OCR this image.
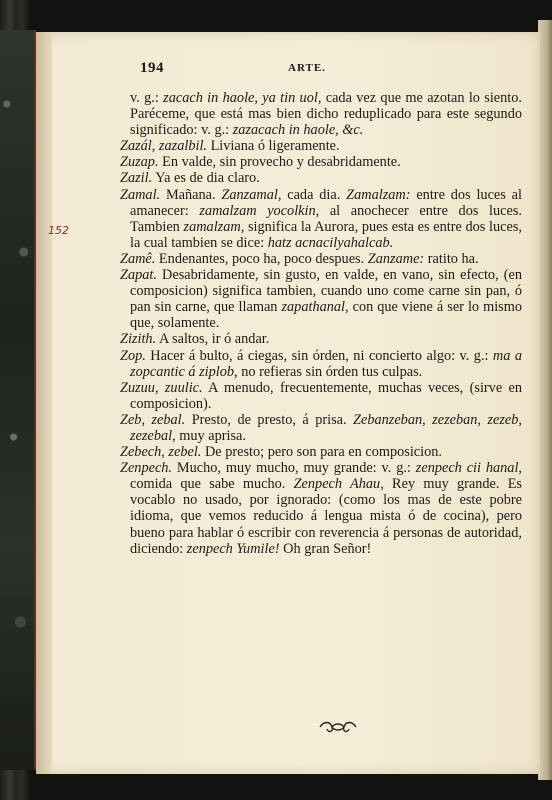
194	ARTE.

v. g.: zacach in haole, ya tin uol, cada vez que me azotan lo siento. Paréceme, que está mas bien dicho reduplicado para este segundo significado: v. g.: zazacach in haole, &c.

Zazál, zazalbil. Liviana ó ligeramente.

Zuzap. En valde, sin provecho y desabridamente.

Zazil. Ya es de dia claro.

Zamal. Mañana. Zanzamal, cada dia. Zamalzam: entre dos luces al amanecer: zamalzam yocolkin, al anochecer entre dos luces. Tambien zamalzam, significa la Aurora, pues esta es entre dos luces, la cual tambien se dice: hatz acnacilyahalcab.

Zamê. Endenantes, poco ha, poco despues. Zanzame: ratito ha.

Zapat. Desabridamente, sin gusto, en valde, en vano, sin efecto, (en composicion) significa tambien, cuando uno come carne sin pan, ó pan sin carne, que llaman zapathanal, con que viene á ser lo mismo que, solamente.

Zizith. A saltos, ir ó andar.

Zop. Hacer á bulto, á ciegas, sin órden, ni concierto algo: v. g.: ma a zopcantic á ziplob, no refieras sin órden tus culpas.

Zuzuu, zuulic. A menudo, frecuentemente, muchas veces, (sirve en composicion).

Zeb, zebal. Presto, de presto, á prisa. Zebanzeban, zezeban, zezeb, zezebal, muy aprisa.

Zebech, zebel. De presto; pero son para en composicion.

Zenpech. Mucho, muy mucho, muy grande: v. g.: zenpech cii hanal, comida que sabe mucho. Zenpech Ahau, Rey muy grande. Es vocablo no usado, por ignorado: (como los mas de este pobre idioma, que vemos reducido á lengua mista ó de cocina), pero bueno para hablar ó escribir con reverencia á personas de autoridad, diciendo: zenpech Yumile! Oh gran Señor!

152
